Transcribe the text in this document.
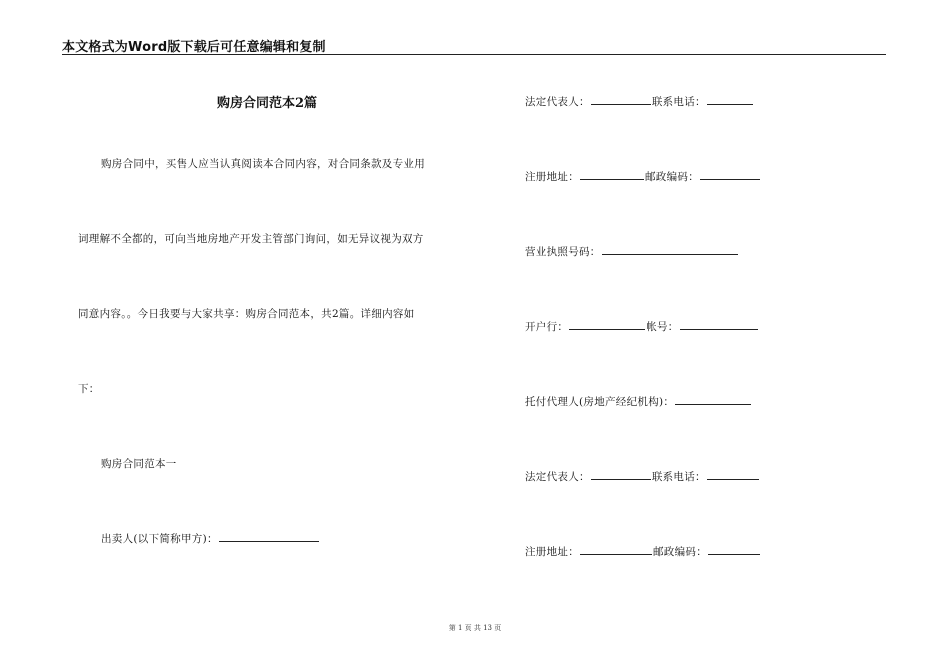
本文格式为Word版下载后可任意编辑和复制
购房合同范本2篇
购房合同中，买售人应当认真阅读本合同内容，对合同条款及专业用
词理解不全都的，可向当地房地产开发主管部门询问，如无异议视为双方
同意内容。。今日我要与大家共享：购房合同范本，共2篇。详细内容如
下：
购房合同范本一
出卖人(以下简称甲方)：
法定代表人：	联系电话：
注册地址：	邮政编码：
营业执照号码：
开户行：	帐号：
托付代理人(房地产经纪机构)：
法定代表人：	联系电话：
注册地址：	邮政编码：
第 1 页 共 13 页
